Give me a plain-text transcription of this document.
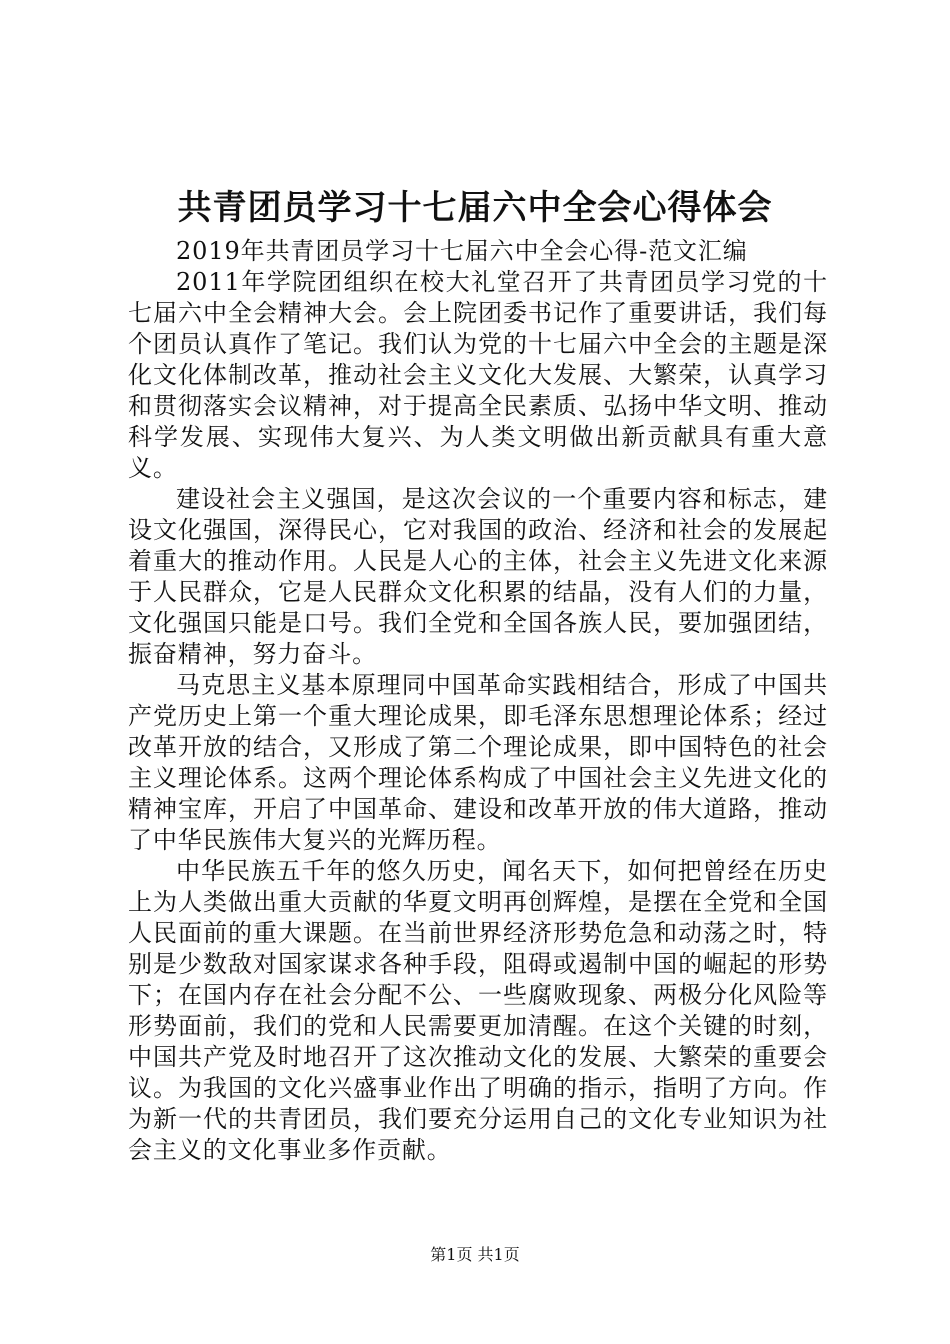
共青团员学习十七届六中全会心得体会

2019年共青团员学习十七届六中全会心得-范文汇编

2011年学院团组织在校大礼堂召开了共青团员学习党的十七届六中全会精神大会。会上院团委书记作了重要讲话，我们每个团员认真作了笔记。我们认为党的十七届六中全会的主题是深化文化体制改革，推动社会主义文化大发展、大繁荣，认真学习和贯彻落实会议精神，对于提高全民素质、弘扬中华文明、推动科学发展、实现伟大复兴、为人类文明做出新贡献具有重大意义。

建设社会主义强国，是这次会议的一个重要内容和标志，建设文化强国，深得民心，它对我国的政治、经济和社会的发展起着重大的推动作用。人民是人心的主体，社会主义先进文化来源于人民群众，它是人民群众文化积累的结晶，没有人们的力量，文化强国只能是口号。我们全党和全国各族人民，要加强团结，振奋精神，努力奋斗。

马克思主义基本原理同中国革命实践相结合，形成了中国共产党历史上第一个重大理论成果，即毛泽东思想理论体系；经过改革开放的结合，又形成了第二个理论成果，即中国特色的社会主义理论体系。这两个理论体系构成了中国社会主义先进文化的精神宝库，开启了中国革命、建设和改革开放的伟大道路，推动了中华民族伟大复兴的光辉历程。

中华民族五千年的悠久历史，闻名天下，如何把曾经在历史上为人类做出重大贡献的华夏文明再创辉煌，是摆在全党和全国人民面前的重大课题。在当前世界经济形势危急和动荡之时，特别是少数敌对国家谋求各种手段，阻碍或遏制中国的崛起的形势下；在国内存在社会分配不公、一些腐败现象、两极分化风险等形势面前，我们的党和人民需要更加清醒。在这个关键的时刻，中国共产党及时地召开了这次推动文化的发展、大繁荣的重要会议。为我国的文化兴盛事业作出了明确的指示，指明了方向。作为新一代的共青团员，我们要充分运用自己的文化专业知识为社会主义的文化事业多作贡献。

第1页 共1页
